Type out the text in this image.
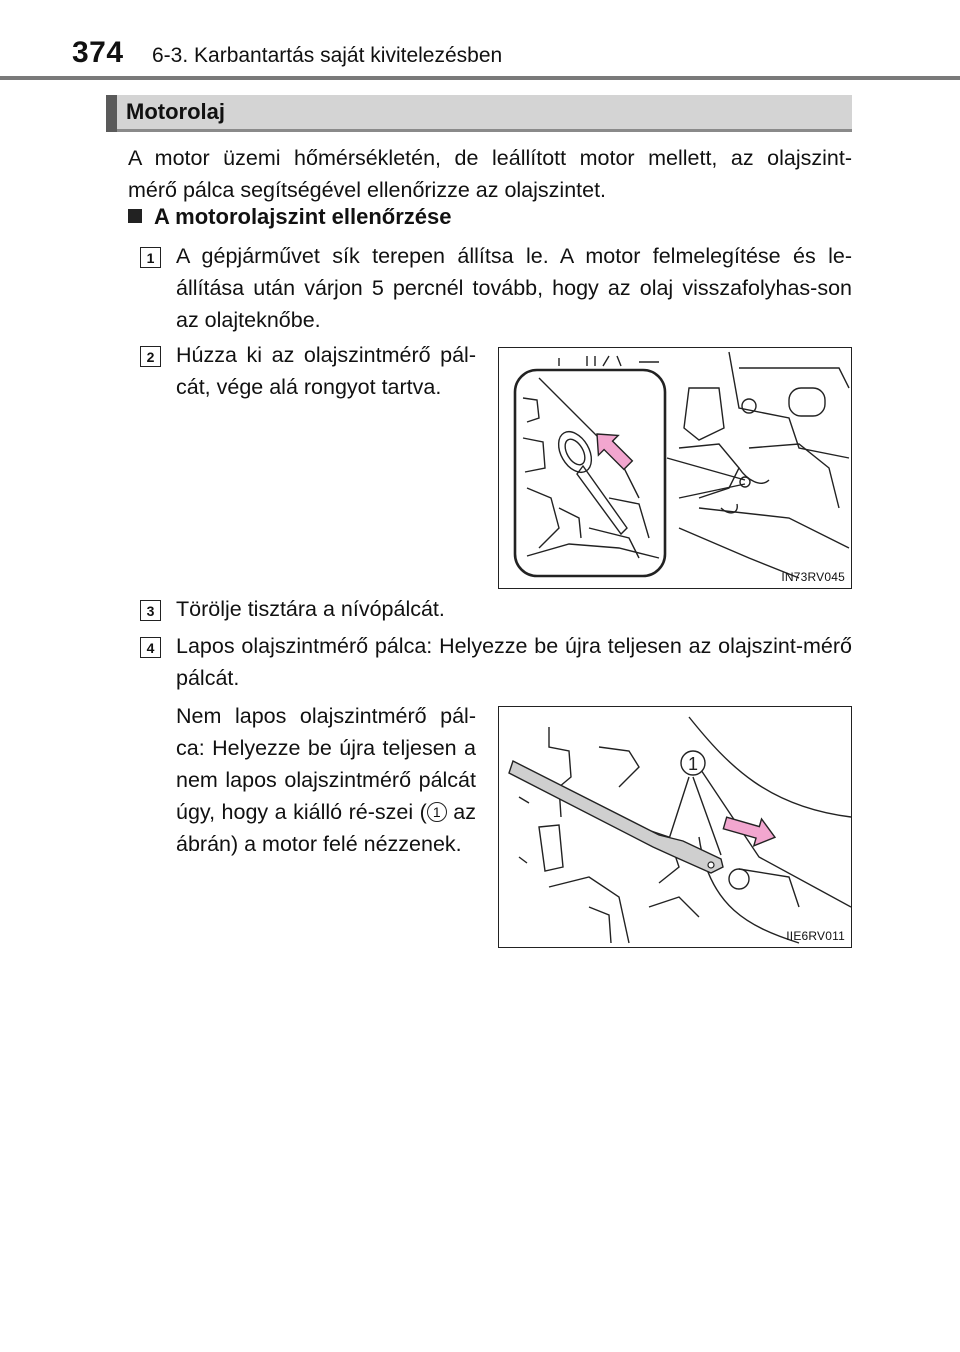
374 6-3. Karbantartás saját kivitelezésben
Motorolaj

A motor üzemi hőmérsékletén, de leállított motor mellett, az olajszint-

mérő pálca segítségével ellenőrizze az olajszintet.

A motorolajszint ellenőrzése
1	A gépjárművet sík terepen állítsa le. A motor felmelegítése és le-állítása után várjon 5 percnél tovább, hogy az olaj visszafolyhas-son az olajteknőbe.

2	Húzza ki az olajszintmérő pál-cát, vége alá rongyot tartva.

IN73RV045
3	Törölje tisztára a nívópálcát.

4	Lapos olajszintmérő pálca: Helyezze be újra teljesen az olajszint-mérő pálcát.

Nem lapos olajszintmérő pál-ca: Helyezze be újra teljesen a nem lapos olajszintmérő pálcát úgy, hogy a kiálló ré-szei ( 1 az ábrán) a motor felé nézzenek.

1
IIE6RV011
